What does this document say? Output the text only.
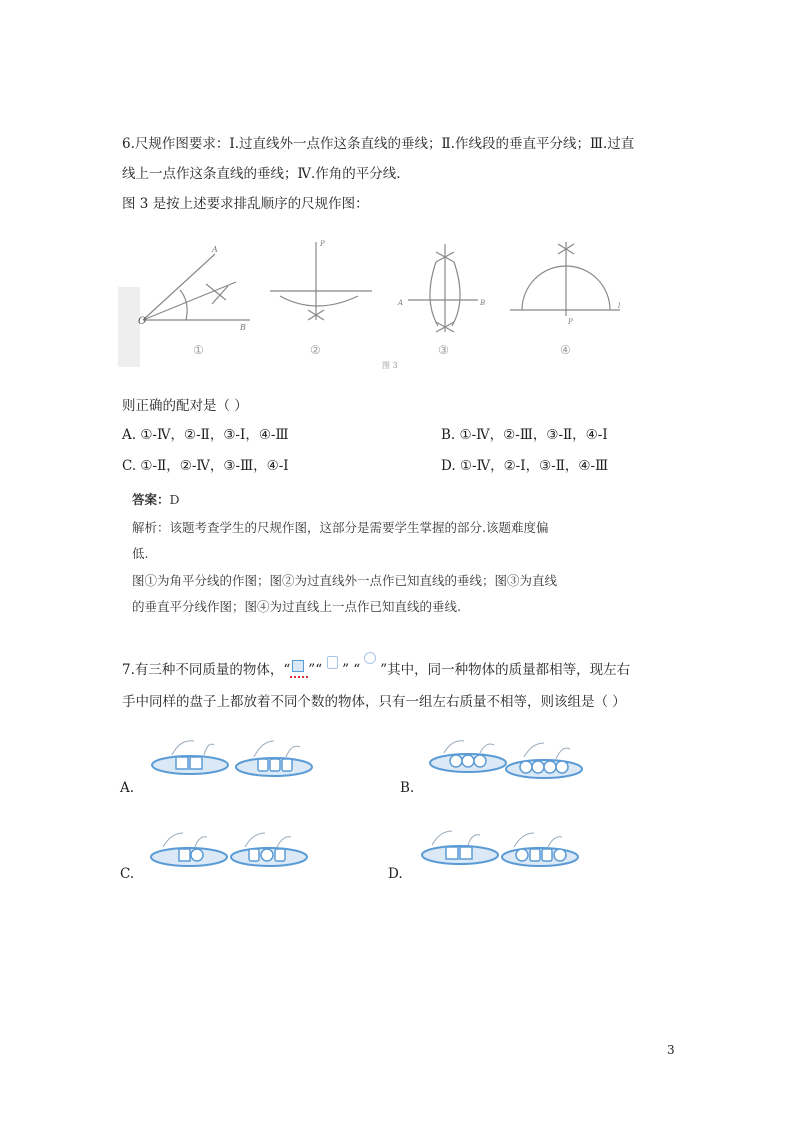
6.尺规作图要求：Ⅰ.过直线外一点作这条直线的垂线；Ⅱ.作线段的垂直平分线；Ⅲ.过直
线上一点作这条直线的垂线；Ⅳ.作角的平分线.
图 3 是按上述要求排乱顺序的尺规作图：
O
A
B
P
A	B
P
l
①	②	③
图 3
④
则正确的配对是（ ）
A. ①-Ⅳ，②-Ⅱ，③-Ⅰ，④-Ⅲ	B. ①-Ⅳ，②-Ⅲ，③-Ⅱ，④-Ⅰ
C. ①-Ⅱ，②-Ⅳ，③-Ⅲ，④-Ⅰ	D. ①-Ⅳ，②-Ⅰ，③-Ⅱ，④-Ⅲ
答案：D
解析：该题考查学生的尺规作图，这部分是需要学生掌握的部分.该题难度偏
低.
图①为角平分线的作图；图②为过直线外一点作已知直线的垂线；图③为直线
的垂直平分线作图；图④为过直线上一点作已知直线的垂线.
7.有三种不同质量的物体，“ ”“ ” “ ”其中，同一种物体的质量都相等，现左右
手中同样的盘子上都放着不同个数的物体，只有一组左右质量不相等，则该组是（ ）
A.	B.
C.	D.
3
